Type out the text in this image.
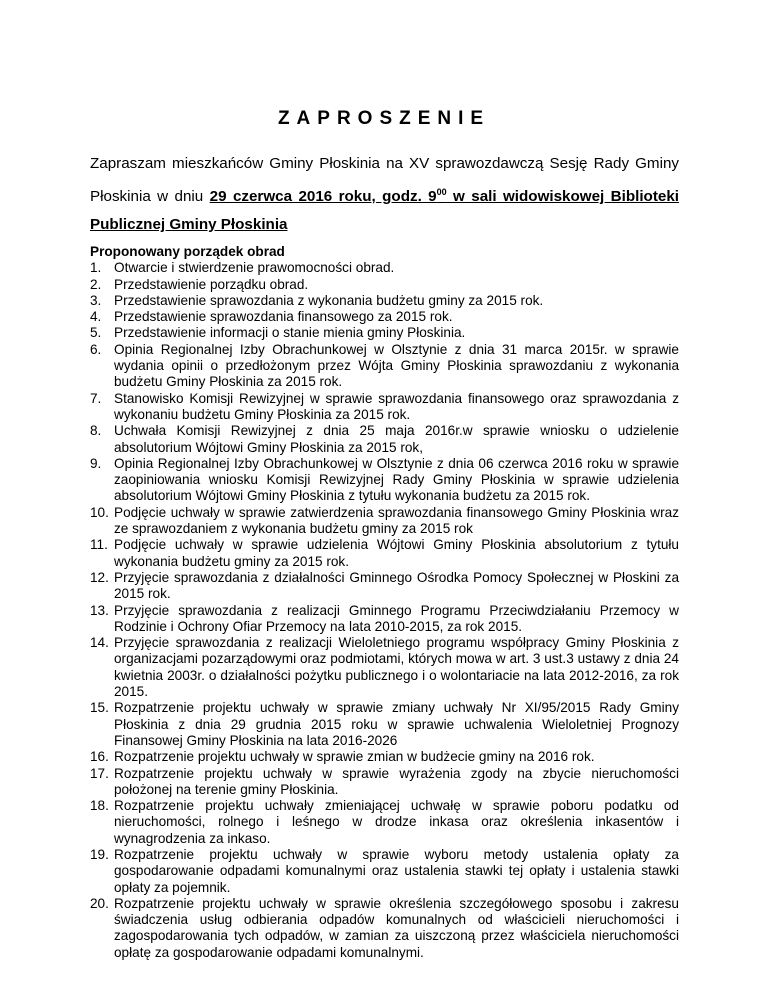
ZAPROSZENIE

Zapraszam mieszkańców Gminy Płoskinia na XV sprawozdawczą Sesję Rady Gminy Płoskinia w dniu 29 czerwca 2016 roku, godz. $9^{00}$ w sali widowiskowej Biblioteki Publicznej Gminy Płoskinia

Proponowany porządek obrad

1. Otwarcie i stwierdzenie prawomocności obrad.
2. Przedstawienie porządku obrad.
3. Przedstawienie sprawozdania z wykonania budżetu gminy za 2015 rok.
4. Przedstawienie sprawozdania finansowego za 2015 rok.
5. Przedstawienie informacji o stanie mienia gminy Płoskinia.
6. Opinia Regionalnej Izby Obrachunkowej w Olsztynie z dnia 31 marca 2015r. w sprawie wydania opinii o przedłożonym przez Wójta Gminy Płoskinia sprawozdaniu z wykonania budżetu Gminy Płoskinia za 2015 rok.
7. Stanowisko Komisji Rewizyjnej w sprawie sprawozdania finansowego oraz sprawozdania z wykonaniu budżetu Gminy Płoskinia za 2015 rok.
8. Uchwała Komisji Rewizyjnej z dnia 25 maja 2016r.w sprawie wniosku o udzielenie absolutorium Wójtowi Gminy Płoskinia za 2015 rok,
9. Opinia Regionalnej Izby Obrachunkowej w Olsztynie z dnia 06 czerwca 2016 roku w sprawie zaopiniowania wniosku Komisji Rewizyjnej Rady Gminy Płoskinia w sprawie udzielenia absolutorium Wójtowi Gminy Płoskinia z tytułu wykonania budżetu za 2015 rok.
10. Podjęcie uchwały w sprawie zatwierdzenia sprawozdania finansowego Gminy Płoskinia wraz ze sprawozdaniem z wykonania budżetu gminy za 2015 rok
11. Podjęcie uchwały w sprawie udzielenia Wójtowi Gminy Płoskinia absolutorium z tytułu wykonania budżetu gminy za 2015 rok.
12. Przyjęcie sprawozdania z działalności Gminnego Ośrodka Pomocy Społecznej w Płoskini za 2015 rok.
13. Przyjęcie sprawozdania z realizacji Gminnego Programu Przeciwdziałaniu Przemocy w Rodzinie i Ochrony Ofiar Przemocy na lata 2010-2015, za rok 2015.
14. Przyjęcie sprawozdania z realizacji Wieloletniego programu współpracy Gminy Płoskinia z organizacjami pozarządowymi oraz podmiotami, których mowa w art. 3 ust.3 ustawy z dnia 24 kwietnia 2003r. o działalności pożytku publicznego i o wolontariacie na lata 2012-2016, za rok 2015.
15. Rozpatrzenie projektu uchwały w sprawie zmiany uchwały Nr XI/95/2015 Rady Gminy Płoskinia z dnia 29 grudnia 2015 roku w sprawie uchwalenia Wieloletniej Prognozy Finansowej Gminy Płoskinia na lata 2016-2026
16. Rozpatrzenie projektu uchwały w sprawie zmian w budżecie gminy na 2016 rok.
17. Rozpatrzenie projektu uchwały w sprawie wyrażenia zgody na zbycie nieruchomości położonej na terenie gminy Płoskinia.
18. Rozpatrzenie projektu uchwały zmieniającej uchwałę w sprawie poboru podatku od nieruchomości, rolnego i leśnego w drodze inkasa oraz określenia inkasentów i wynagrodzenia za inkaso.
19. Rozpatrzenie projektu uchwały w sprawie wyboru metody ustalenia opłaty za gospodarowanie odpadami komunalnymi oraz ustalenia stawki tej opłaty i ustalenia stawki opłaty za pojemnik.
20. Rozpatrzenie projektu uchwały w sprawie określenia szczegółowego sposobu i zakresu świadczenia usług odbierania odpadów komunalnych od właścicieli nieruchomości i zagospodarowania tych odpadów, w zamian za uiszczoną przez właściciela nieruchomości opłatę za gospodarowanie odpadami komunalnymi.
